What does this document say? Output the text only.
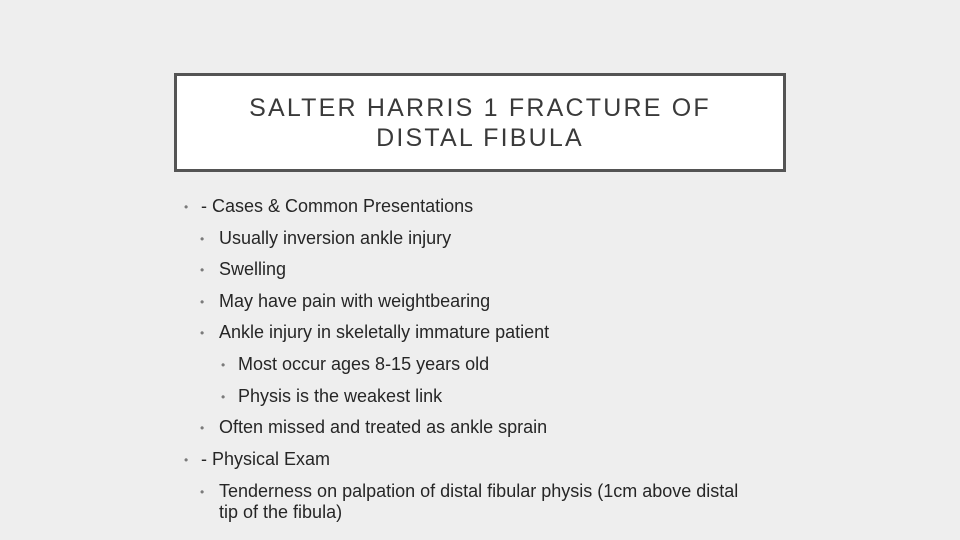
SALTER HARRIS 1 FRACTURE OF
DISTAL FIBULA
• - Cases & Common Presentations
• Usually inversion ankle injury
• Swelling
• May have pain with weightbearing
• Ankle injury in skeletally immature patient
• Most occur ages 8-15 years old
• Physis is the weakest link
• Often missed and treated as ankle sprain
• - Physical Exam
• Tenderness on palpation of distal fibular physis (1cm above distal
tip of the fibula)
